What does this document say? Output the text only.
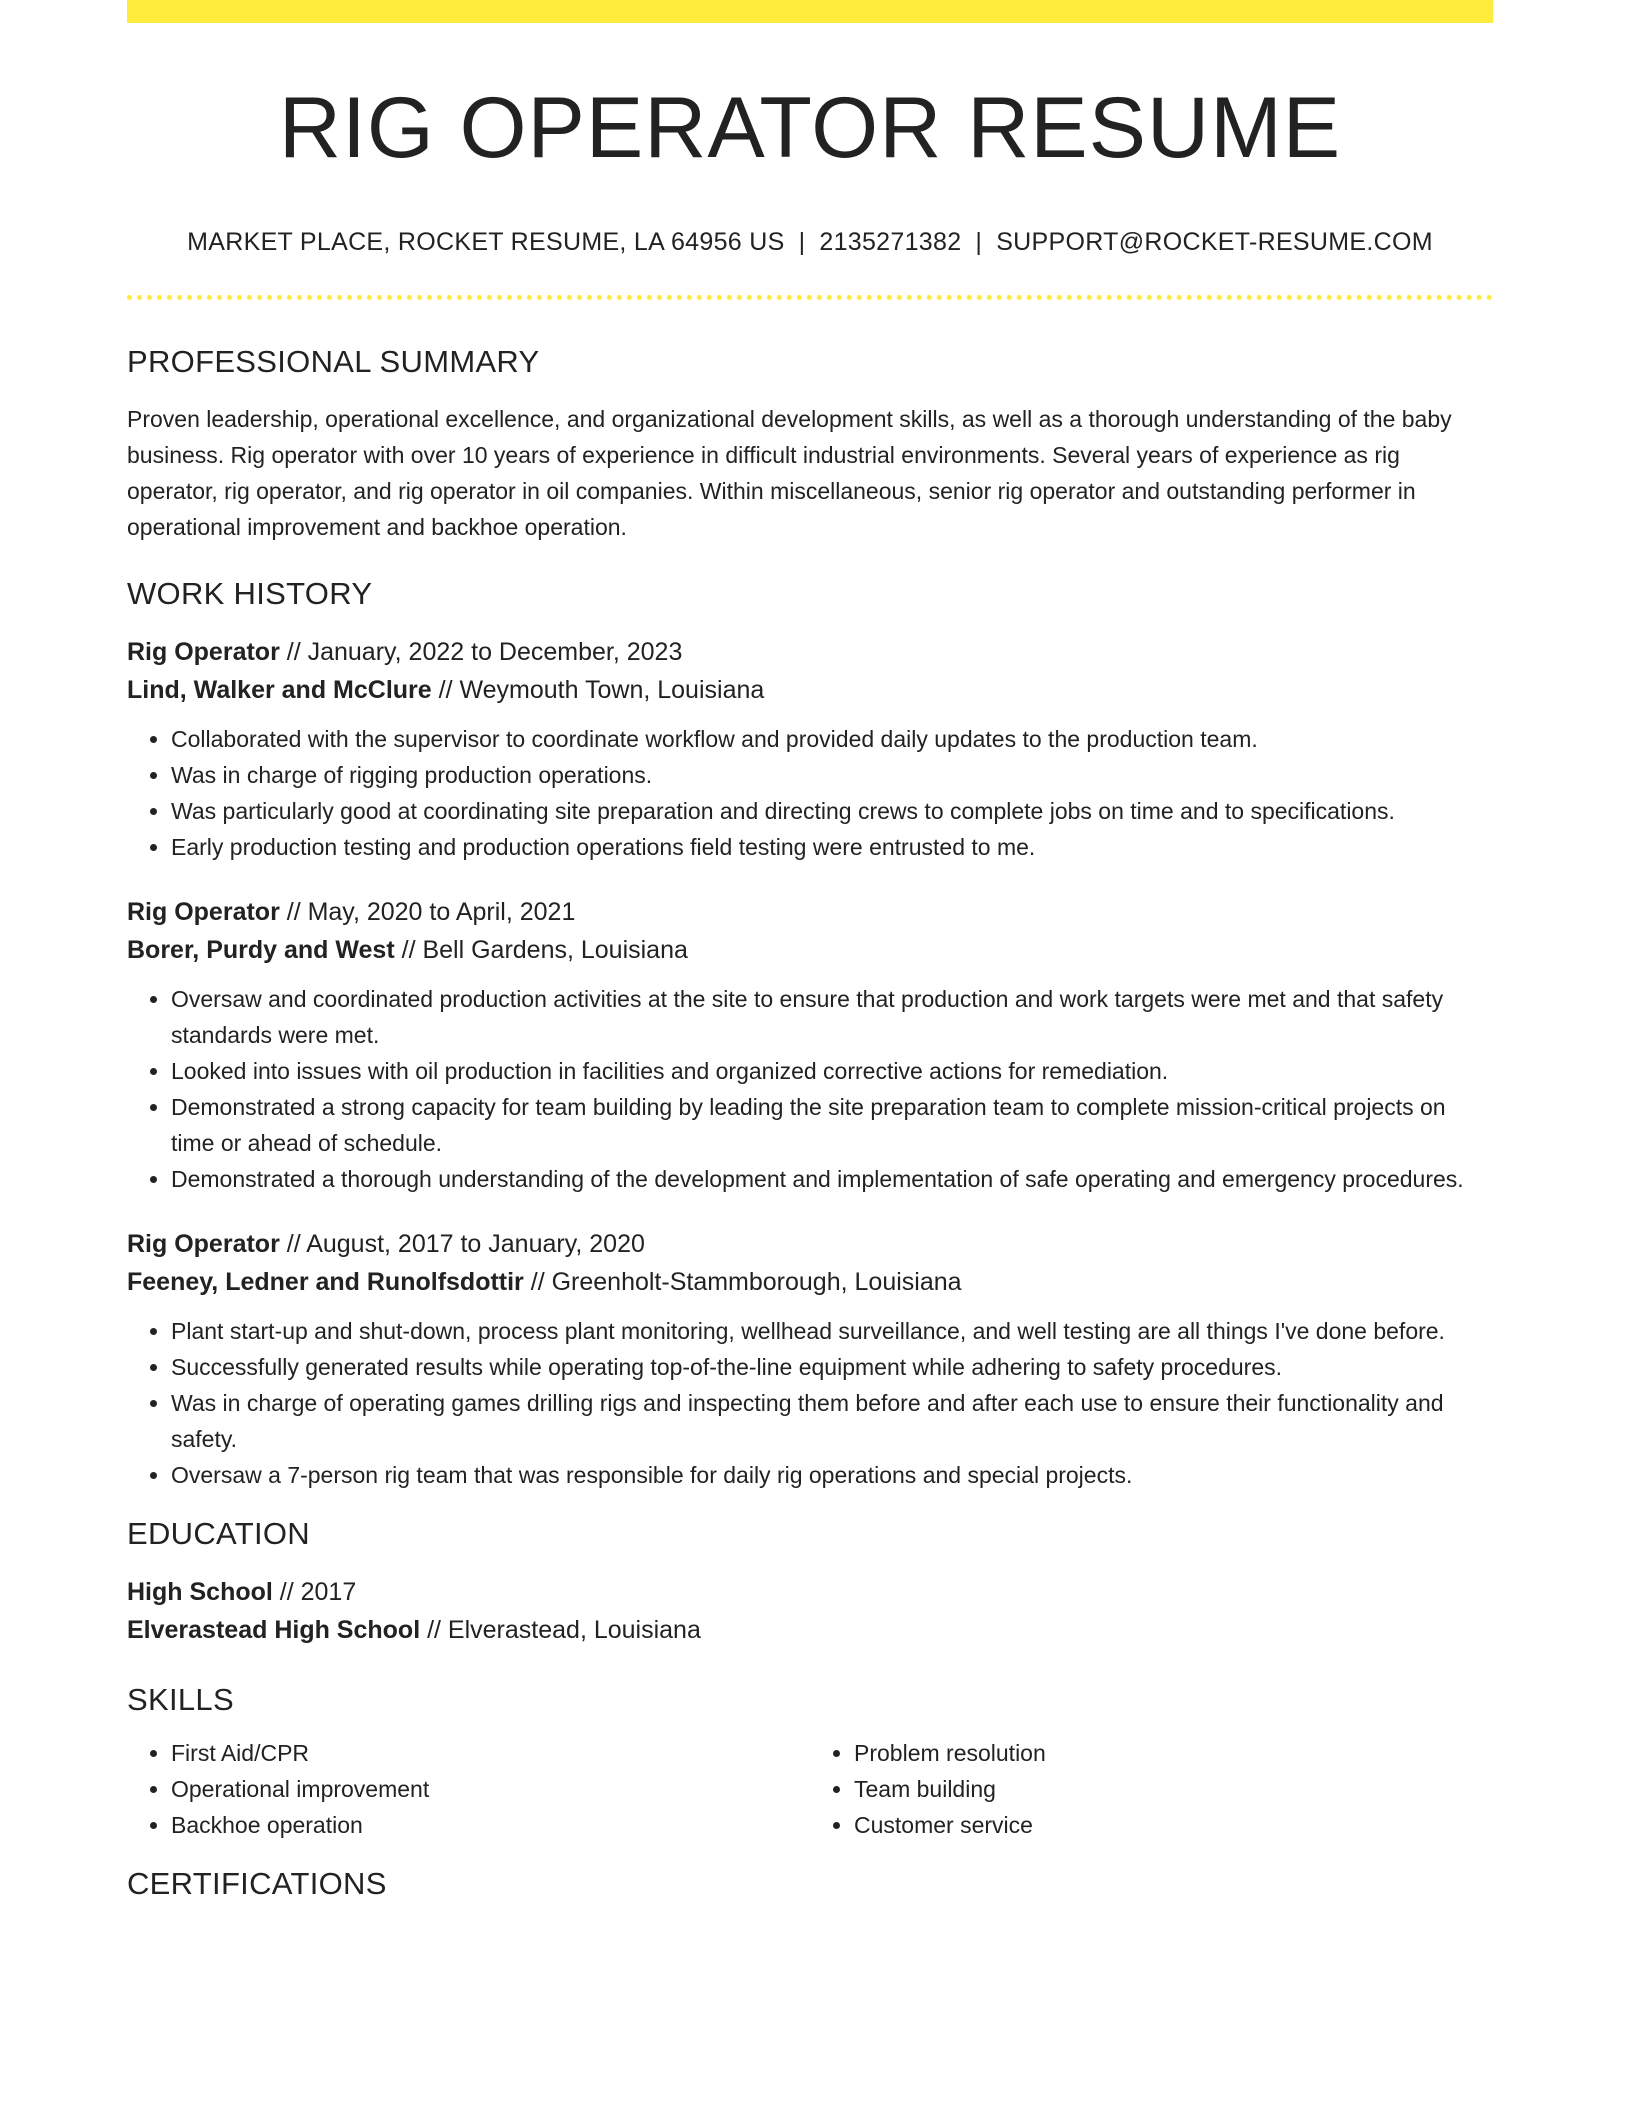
RIG OPERATOR RESUME
MARKET PLACE, ROCKET RESUME, LA 64956 US | 2135271382 | SUPPORT@ROCKET-RESUME.COM
PROFESSIONAL SUMMARY
Proven leadership, operational excellence, and organizational development skills, as well as a thorough understanding of the baby business. Rig operator with over 10 years of experience in difficult industrial environments. Several years of experience as rig operator, rig operator, and rig operator in oil companies. Within miscellaneous, senior rig operator and outstanding performer in operational improvement and backhoe operation.
WORK HISTORY
Rig Operator // January, 2022 to December, 2023
Lind, Walker and McClure // Weymouth Town, Louisiana
• Collaborated with the supervisor to coordinate workflow and provided daily updates to the production team.
• Was in charge of rigging production operations.
• Was particularly good at coordinating site preparation and directing crews to complete jobs on time and to specifications.
• Early production testing and production operations field testing were entrusted to me.
Rig Operator // May, 2020 to April, 2021
Borer, Purdy and West // Bell Gardens, Louisiana
• Oversaw and coordinated production activities at the site to ensure that production and work targets were met and that safety standards were met.
• Looked into issues with oil production in facilities and organized corrective actions for remediation.
• Demonstrated a strong capacity for team building by leading the site preparation team to complete mission-critical projects on time or ahead of schedule.
• Demonstrated a thorough understanding of the development and implementation of safe operating and emergency procedures.
Rig Operator // August, 2017 to January, 2020
Feeney, Ledner and Runolfsdottir // Greenholt-Stammborough, Louisiana
• Plant start-up and shut-down, process plant monitoring, wellhead surveillance, and well testing are all things I've done before.
• Successfully generated results while operating top-of-the-line equipment while adhering to safety procedures.
• Was in charge of operating games drilling rigs and inspecting them before and after each use to ensure their functionality and safety.
• Oversaw a 7-person rig team that was responsible for daily rig operations and special projects.
EDUCATION
High School // 2017
Elverastead High School // Elverastead, Louisiana
SKILLS
• First Aid/CPR
• Operational improvement
• Backhoe operation
• Problem resolution
• Team building
• Customer service
CERTIFICATIONS
